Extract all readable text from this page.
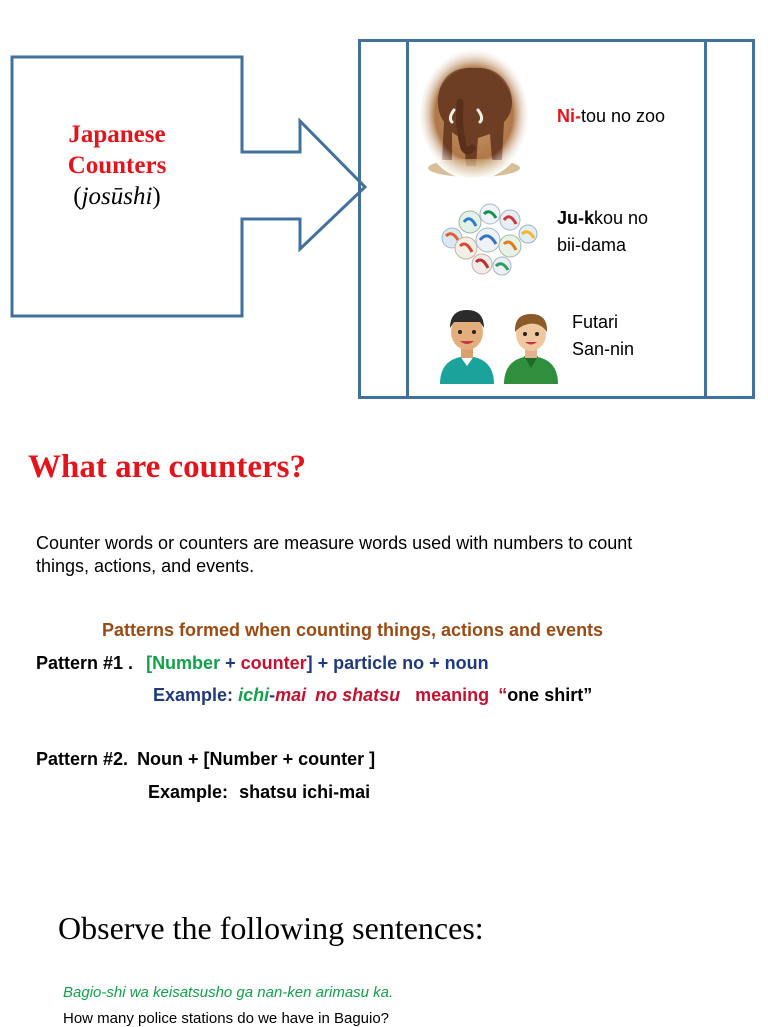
Japanese
Counters
(josūshi)
Ni-tou no zoo
Ju-kkou no
bii-dama
Futari
San-nin
What are counters?
Counter words or counters are measure words used with numbers to count things, actions, and events.
Patterns formed when counting things, actions and events
Pattern #1 . [Number + counter] + particle no + noun
Example: ichi-mai no shatsu meaning “one shirt”
Pattern #2. Noun + [Number + counter ]
Example: shatsu ichi-mai
Observe the following sentences:
Bagio-shi wa keisatsusho ga nan-ken arimasu ka.
How many police stations do we have in Baguio?
